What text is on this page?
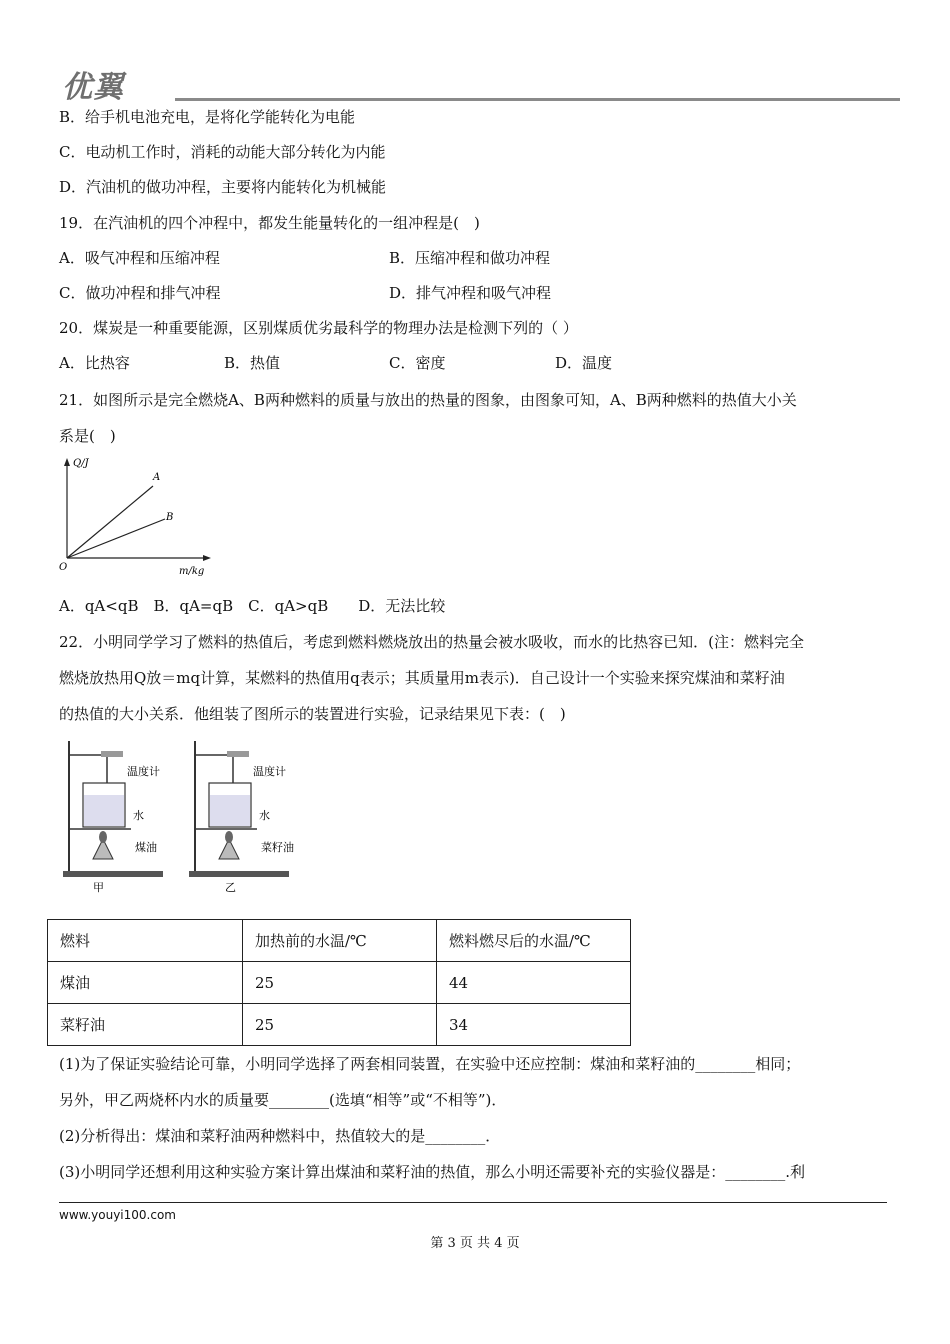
优翼
B．给手机电池充电，是将化学能转化为电能
C．电动机工作时，消耗的动能大部分转化为内能
D．汽油机的做功冲程，主要将内能转化为机械能
19．在汽油机的四个冲程中，都发生能量转化的一组冲程是(　)
A．吸气冲程和压缩冲程	B．压缩冲程和做功冲程
C．做功冲程和排气冲程	D．排气冲程和吸气冲程
20．煤炭是一种重要能源，区别煤质优劣最科学的物理办法是检测下列的（ ）
A．比热容	B．热值	C．密度	D．温度
21．如图所示是完全燃烧A、B两种燃料的质量与放出的热量的图象，由图象可知，A、B两种燃料的热值大小关
系是(　)
Q/J
m/kg
O
A
B
A．qA<qB　B．qA=qB　C．qA>qB　　D．无法比较
22．小明同学学习了燃料的热值后，考虑到燃料燃烧放出的热量会被水吸收，而水的比热容已知．(注：燃料完全
燃烧放热用Q放＝mq计算，某燃料的热值用q表示；其质量用m表示)．自己设计一个实验来探究煤油和菜籽油
的热值的大小关系．他组装了图所示的装置进行实验，记录结果见下表：(　)
温度计
水
煤油
甲
温度计
水
菜籽油
乙
燃料	加热前的水温/℃	燃料燃尽后的水温/℃
煤油	25	44
菜籽油	25	34
(1)为了保证实验结论可靠，小明同学选择了两套相同装置，在实验中还应控制：煤油和菜籽油的________相同；
另外，甲乙两烧杯内水的质量要________(选填“相等”或“不相等”)．
(2)分析得出：煤油和菜籽油两种燃料中，热值较大的是________．
(3)小明同学还想利用这种实验方案计算出煤油和菜籽油的热值，那么小明还需要补充的实验仪器是：________.利
www.youyi100.com
第 3 页 共 4 页
